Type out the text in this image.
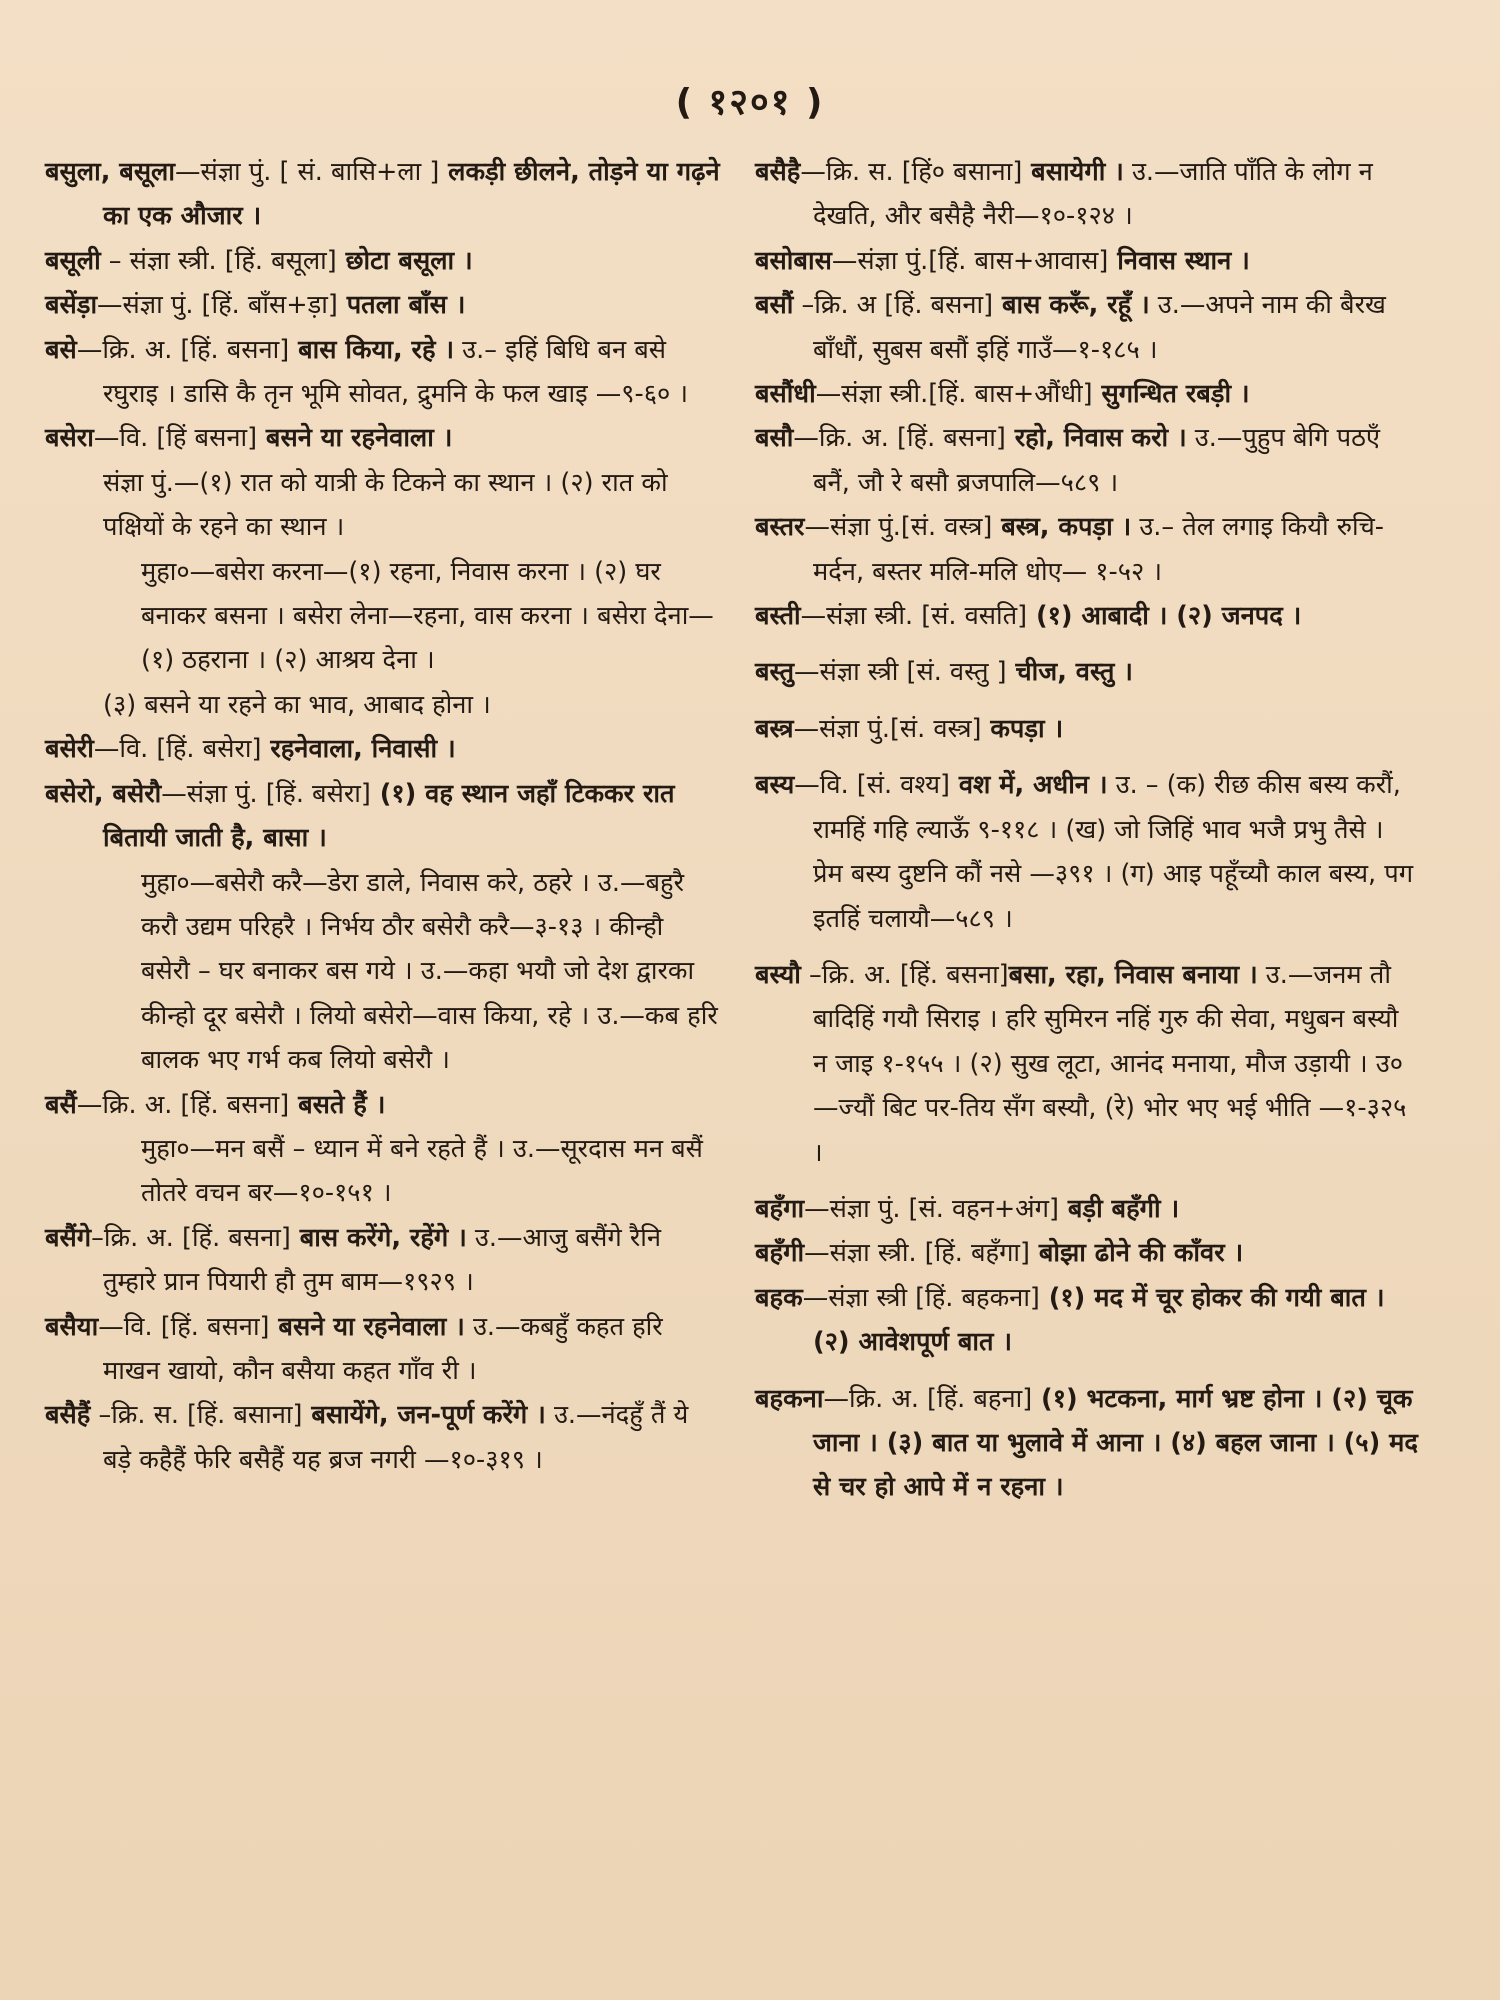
( १२०१ )

बसुला, बसूला—संज्ञा पुं. [ सं. बासि+ला ] लकड़ी छीलने, तोड़ने या गढ़ने का एक औजार ।

बसूली – संज्ञा स्त्री. [हिं. बसूला] छोटा बसूला ।

बसेंड़ा—संज्ञा पुं. [हिं. बाँस+ड़ा] पतला बाँस ।

बसे—क्रि. अ. [हिं. बसना] बास किया, रहे । उ.– इहिं बिधि बन बसे रघुराइ । डासि कै तृन भूमि सोवत, द्रुमनि के फल खाइ —९-६० ।

बसेरा—वि. [हिं बसना] बसने या रहनेवाला ।
संज्ञा पुं.—(१) रात को यात्री के टिकने का स्थान । (२) रात को पक्षियों के रहने का स्थान ।
मुहा०—बसेरा करना—(१) रहना, निवास करना । (२) घर बनाकर बसना । बसेरा लेना—रहना, वास करना । बसेरा देना—(१) ठहराना । (२) आश्रय देना ।
(३) बसने या रहने का भाव, आबाद होना ।

बसेरी—वि. [हिं. बसेरा] रहनेवाला, निवासी ।

बसेरो, बसेरौ—संज्ञा पुं. [हिं. बसेरा] (१) वह स्थान जहाँ टिककर रात बितायी जाती है, बासा ।
मुहा०—बसेरौ करै—डेरा डाले, निवास करे, ठहरे । उ.—बहुरै करौ उद्यम परिहरै । निर्भय ठौर बसेरौ करै—३-१३ । कीन्हौ बसेरौ – घर बनाकर बस गये । उ.—कहा भयौ जो देश द्वारका कीन्हो दूर बसेरौ । लियो बसेरो—वास किया, रहे । उ.—कब हरि बालक भए गर्भ कब लियो बसेरौ ।

बसैं—क्रि. अ. [हिं. बसना] बसते हैं ।
मुहा०—मन बसैं – ध्यान में बने रहते हैं । उ.—सूरदास मन बसैं तोतरे वचन बर—१०-१५१ ।

बसैंगे–क्रि. अ. [हिं. बसना] बास करेंगे, रहेंगे । उ.—आजु बसैंगे रैनि तुम्हारे प्रान पियारी हौ तुम बाम—१९२९ ।

बसैया—वि. [हिं. बसना] बसने या रहनेवाला । उ.—कबहुँ कहत हरि माखन खायो, कौन बसैया कहत गाँव री ।

बसैहैं –क्रि. स. [हिं. बसाना] बसायेंगे, जन-पूर्ण करेंगे । उ.—नंदहुँ तैं ये बड़े कहैहैं फेरि बसैहैं यह ब्रज नगरी —१०-३१९ ।

बसैहै—क्रि. स. [हिं० बसाना] बसायेगी । उ.—जाति पाँति के लोग न देखति, और बसैहै नैरी—१०-१२४ ।

बसोबास—संज्ञा पुं.[हिं. बास+आवास] निवास स्थान ।

बसौं –क्रि. अ [हिं. बसना] बास करूँ, रहूँ । उ.—अपने नाम की बैरख बाँधौं, सुबस बसौं इहिं गाउँ—१-१८५ ।

बसौंधी—संज्ञा स्त्री.[हिं. बास+औंधी] सुगन्धित रबड़ी ।

बसौ—क्रि. अ. [हिं. बसना] रहो, निवास करो । उ.—पुहुप बेगि पठएँ बनैं, जौ रे बसौ ब्रजपालि—५८९ ।

बस्तर—संज्ञा पुं.[सं. वस्त्र] बस्त्र, कपड़ा । उ.– तेल लगाइ कियौ रुचि-मर्दन, बस्तर मलि-मलि धोए— १-५२ ।

बस्ती—संज्ञा स्त्री. [सं. वसति] (१) आबादी । (२) जनपद ।

बस्तु—संज्ञा स्त्री [सं. वस्तु ] चीज, वस्तु ।

बस्त्र—संज्ञा पुं.[सं. वस्त्र] कपड़ा ।

बस्य—वि. [सं. वश्य] वश में, अधीन । उ. – (क) रीछ कीस बस्य करौं, रामहिं गहि ल्याऊँ ९-११८ । (ख) जो जिहिं भाव भजै प्रभु तैसे । प्रेम बस्य दुष्टनि कौं नसे —३९१ । (ग) आइ पहूँच्यौ काल बस्य, पग इतहिं चलायौ—५८९ ।

बस्यौ –क्रि. अ. [हिं. बसना]बसा, रहा, निवास बनाया । उ.—जनम तौ बादिहिं गयौ सिराइ । हरि सुमिरन नहिं गुरु की सेवा, मधुबन बस्यौ न जाइ १-१५५ । (२) सुख लूटा, आनंद मनाया, मौज उड़ायी । उ०—ज्यौं बिट पर-तिय सँग बस्यौ, (रे) भोर भए भई भीति —१-३२५ ।

बहँगा—संज्ञा पुं. [सं. वहन+अंग] बड़ी बहँगी ।

बहँगी—संज्ञा स्त्री. [हिं. बहँगा] बोझा ढोने की काँवर ।

बहक—संज्ञा स्त्री [हिं. बहकना] (१) मद में चूर होकर की गयी बात । (२) आवेशपूर्ण बात ।

बहकना—क्रि. अ. [हिं. बहना] (१) भटकना, मार्ग भ्रष्ट होना । (२) चूक जाना । (३) बात या भुलावे में आना । (४) बहल जाना । (५) मद से चर हो आपे में न रहना ।
